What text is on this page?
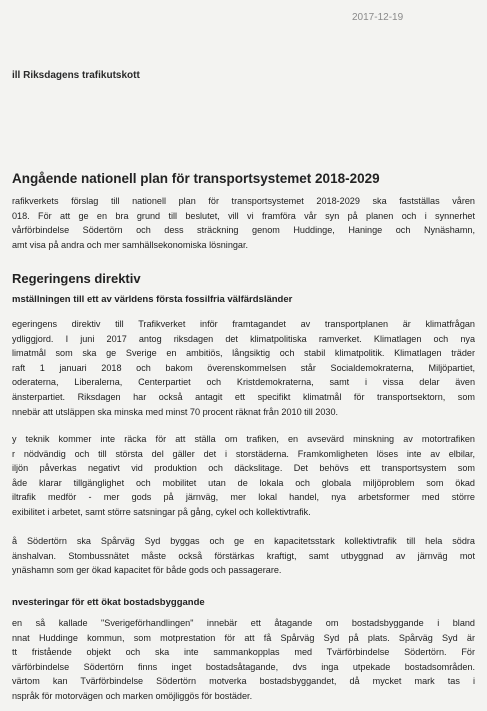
2017-12-19
ill Riksdagens trafikutskott
Angående nationell plan för transportsystemet 2018-2029
rafikverkets förslag till nationell plan för transportsystemet 2018-2029 ska fastställas våren
018. För att ge en bra grund till beslutet, vill vi framföra vår syn på planen och i synnerhet
vårförbindelse Södertörn och dess sträckning genom Huddinge, Haninge och Nynäshamn,
amt visa på andra och mer samhällsekonomiska lösningar.
Regeringens direktiv
mställningen till ett av världens första fossilfria välfärdsländer
egeringens direktiv till Trafikverket inför framtagandet av transportplanen är klimatfrågan
ydliggjord. I juni 2017 antog riksdagen det klimatpolitiska ramverket. Klimatlagen och nya
limatmål som ska ge Sverige en ambitiös, långsiktig och stabil klimatpolitik. Klimatlagen träder
raft 1 januari 2018 och bakom överenskommelsen står Socialdemokraterna, Miljöpartiet,
oderaterna, Liberalerna, Centerpartiet och Kristdemokraterna, samt i vissa delar även
änsterpartiet. Riksdagen har också antagit ett specifikt klimatmål för transportsektorn, som
nnebär att utsläppen ska minska med minst 70 procent räknat från 2010 till 2030.
y teknik kommer inte räcka för att ställa om trafiken, en avsevärd minskning av motortrafiken
r nödvändig och till största del gäller det i storstäderna. Framkomligheten löses inte av elbilar,
iljön påverkas negativt vid produktion och däckslitage. Det behövs ett transportsystem som
åde klarar tillgänglighet och mobilitet utan de lokala och globala miljöproblem som ökad
iltrafik medför - mer gods på järnväg, mer lokal handel, nya arbetsformer med större
exibilitet i arbetet, samt större satsningar på gång, cykel och kollektivtrafik.
å Södertörn ska Spårväg Syd byggas och ge en kapacitetsstark kollektivtrafik till hela södra
änshalvan. Stombussnätet måste också förstärkas kraftigt, samt utbyggnad av järnväg mot
ynäshamn som ger ökad kapacitet för både gods och passagerare.
nvesteringar för ett ökat bostadsbyggande
en så kallade "Sverigeförhandlingen" innebär ett åtagande om bostadsbyggande i bland
nnat Huddinge kommun, som motprestation för att få Spårväg Syd på plats. Spårväg Syd är
tt fristående objekt och ska inte sammankopplas med Tvärförbindelse Södertörn. För
värförbindelse Södertörn finns inget bostadsåtagande, dvs inga utpekade bostadsområden.
värtom kan Tvärförbindelse Södertörn motverka bostadsbyggandet, då mycket mark tas i
nspråk för motorvägen och marken omöjliggös för bostäder.
